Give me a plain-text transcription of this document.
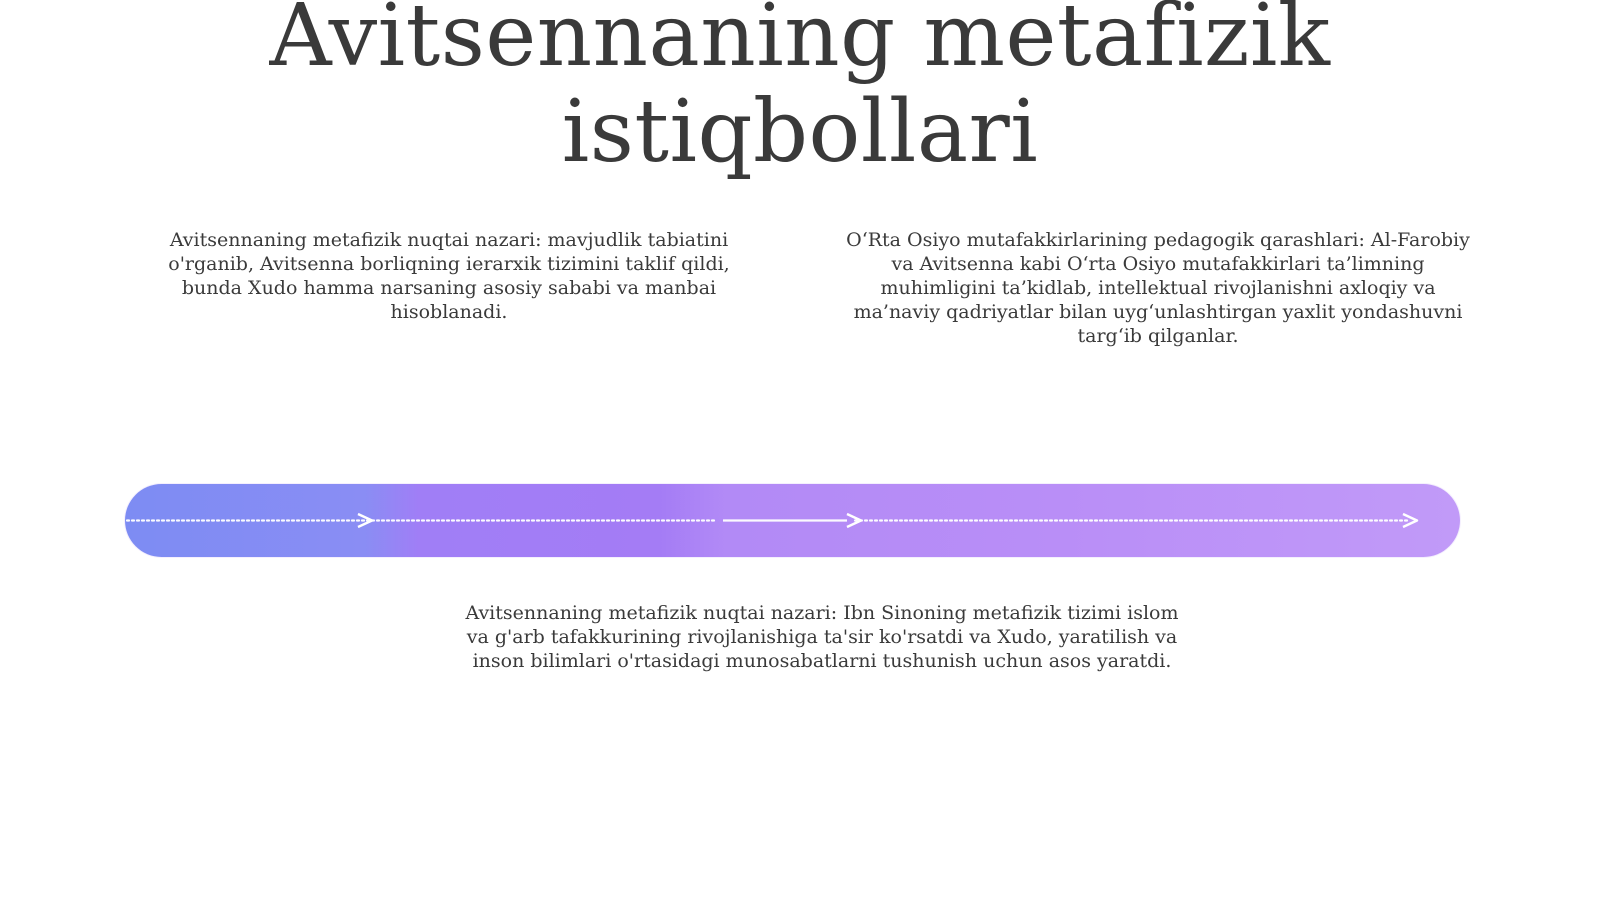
Avitsennaning metafizik istiqbollari

Avitsennaning metafizik nuqtai nazari: mavjudlik tabiatini o'rganib, Avitsenna borliqning ierarxik tizimini taklif qildi, bunda Xudo hamma narsaning asosiy sababi va manbai hisoblanadi.

O‘Rta Osiyo mutafakkirlarining pedagogik qarashlari: Al-Farobiy va Avitsenna kabi O‘rta Osiyo mutafakkirlari ta’limning muhimligini ta’kidlab, intellektual rivojlanishni axloqiy va ma’naviy qadriyatlar bilan uyg‘unlashtirgan yaxlit yondashuvni targ‘ib qilganlar.

Avitsennaning metafizik nuqtai nazari: Ibn Sinoning metafizik tizimi islom va g'arb tafakkurining rivojlanishiga ta'sir ko'rsatdi va Xudo, yaratilish va inson bilimlari o'rtasidagi munosabatlarni tushunish uchun asos yaratdi.
